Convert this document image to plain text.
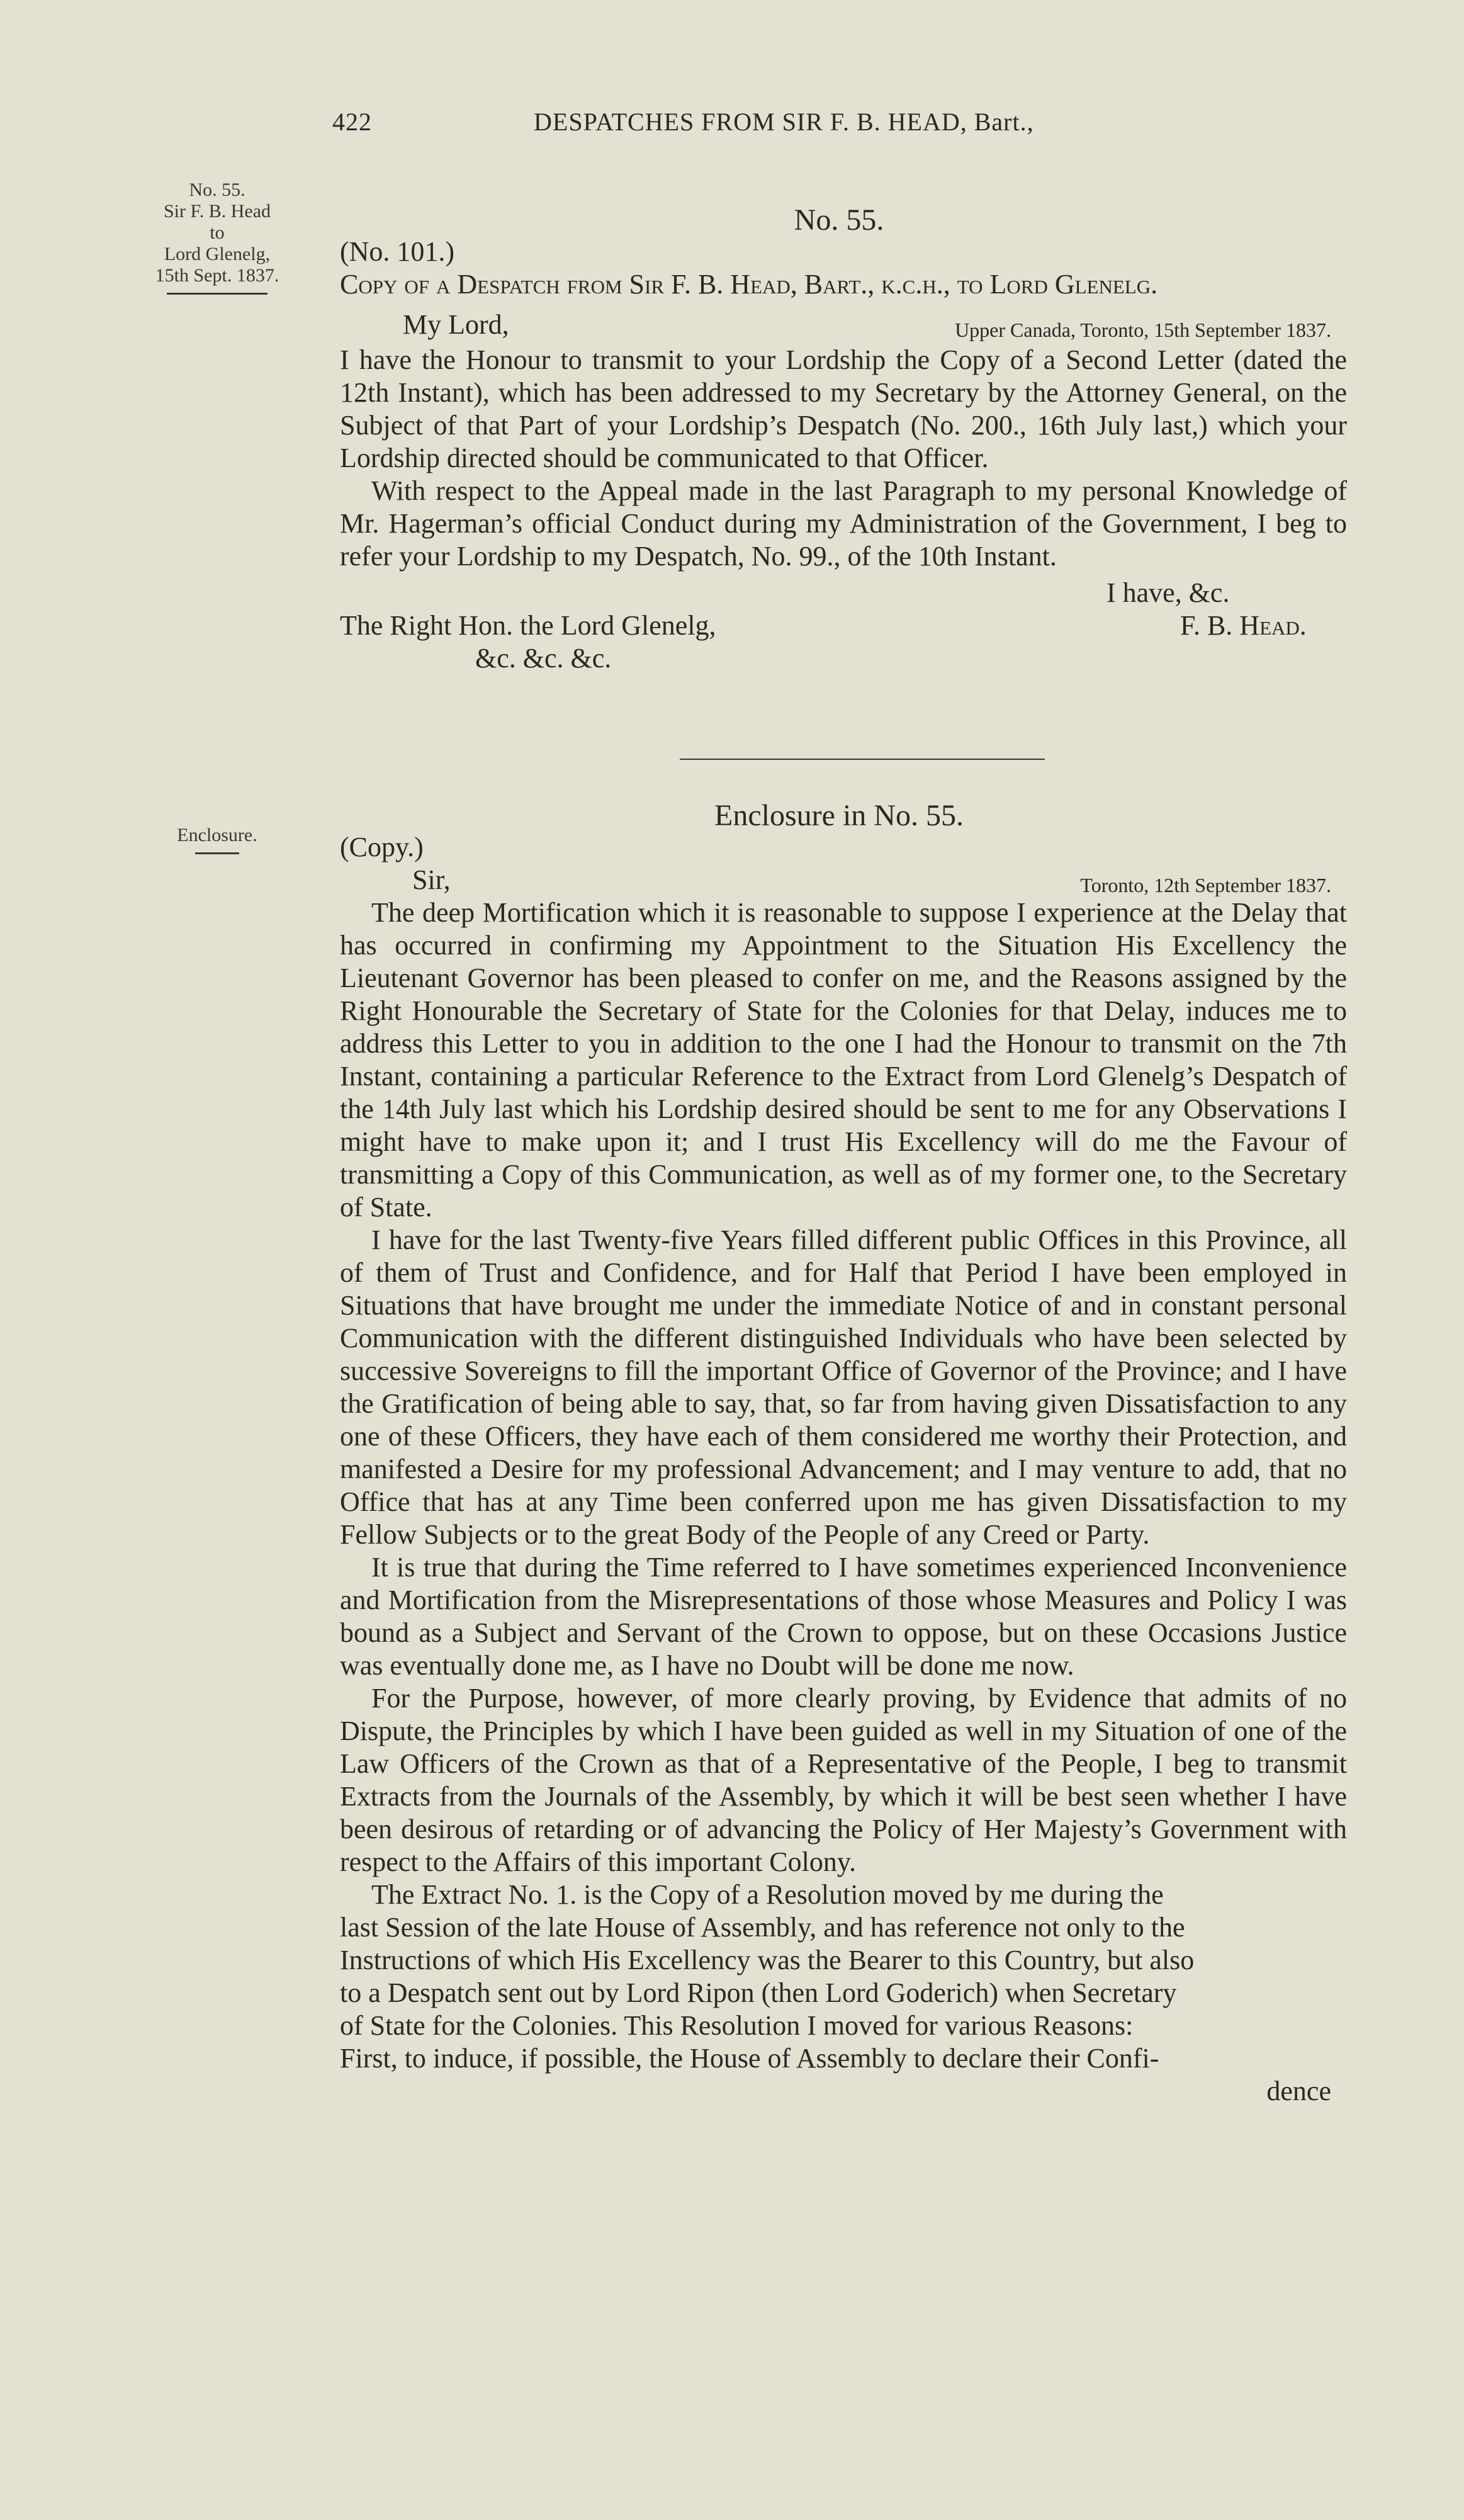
422	DESPATCHES FROM SIR F. B. HEAD, Bart.,
No. 55.
Sir F. B. Head
to
Lord Glenelg,
15th Sept. 1837.
Enclosure.
No. 55.
(No. 101.)
Copy of a Despatch from Sir F. B. Head, Bart., k.c.h., to Lord Glenelg.
My Lord,	Upper Canada, Toronto, 15th September 1837.

I have the Honour to transmit to your Lordship the Copy of a Second Letter (dated the 12th Instant), which has been addressed to my Secretary by the Attorney General, on the Subject of that Part of your Lordship’s Despatch (No. 200., 16th July last,) which your Lordship directed should be communicated to that Officer.

With respect to the Appeal made in the last Paragraph to my personal Knowledge of Mr. Hagerman’s official Conduct during my Administration of the Government, I beg to refer your Lordship to my Despatch, No. 99., of the 10th Instant.

I have, &c.
The Right Hon. the Lord Glenelg,	F. B. Head.
&c. &c. &c.
Enclosure in No. 55.
(Copy.)
Sir,	Toronto, 12th September 1837.

The deep Mortification which it is reasonable to suppose I experience at the Delay that has occurred in confirming my Appointment to the Situation His Excellency the Lieutenant Governor has been pleased to confer on me, and the Reasons assigned by the Right Honourable the Secretary of State for the Colonies for that Delay, induces me to address this Letter to you in addition to the one I had the Honour to transmit on the 7th Instant, containing a particular Reference to the Extract from Lord Glenelg’s Despatch of the 14th July last which his Lordship desired should be sent to me for any Observations I might have to make upon it; and I trust His Excellency will do me the Favour of transmitting a Copy of this Communication, as well as of my former one, to the Secretary of State.

I have for the last Twenty-five Years filled different public Offices in this Province, all of them of Trust and Confidence, and for Half that Period I have been employed in Situations that have brought me under the immediate Notice of and in constant personal Communication with the different distinguished Individuals who have been selected by successive Sovereigns to fill the important Office of Governor of the Province; and I have the Gratification of being able to say, that, so far from having given Dissatisfaction to any one of these Officers, they have each of them considered me worthy their Protection, and manifested a Desire for my professional Advancement; and I may venture to add, that no Office that has at any Time been conferred upon me has given Dissatisfaction to my Fellow Subjects or to the great Body of the People of any Creed or Party.

It is true that during the Time referred to I have sometimes experienced Inconvenience and Mortification from the Misrepresentations of those whose Measures and Policy I was bound as a Subject and Servant of the Crown to oppose, but on these Occasions Justice was eventually done me, as I have no Doubt will be done me now.

For the Purpose, however, of more clearly proving, by Evidence that admits of no Dispute, the Principles by which I have been guided as well in my Situation of one of the Law Officers of the Crown as that of a Representative of the People, I beg to transmit Extracts from the Journals of the Assembly, by which it will be best seen whether I have been desirous of retarding or of advancing the Policy of Her Majesty’s Government with respect to the Affairs of this important Colony.

The Extract No. 1. is the Copy of a Resolution moved by me during the
last Session of the late House of Assembly, and has reference not only to the
Instructions of which His Excellency was the Bearer to this Country, but also
to a Despatch sent out by Lord Ripon (then Lord Goderich) when Secretary
of State for the Colonies. This Resolution I moved for various Reasons:
First, to induce, if possible, the House of Assembly to declare their Confi-
dence
